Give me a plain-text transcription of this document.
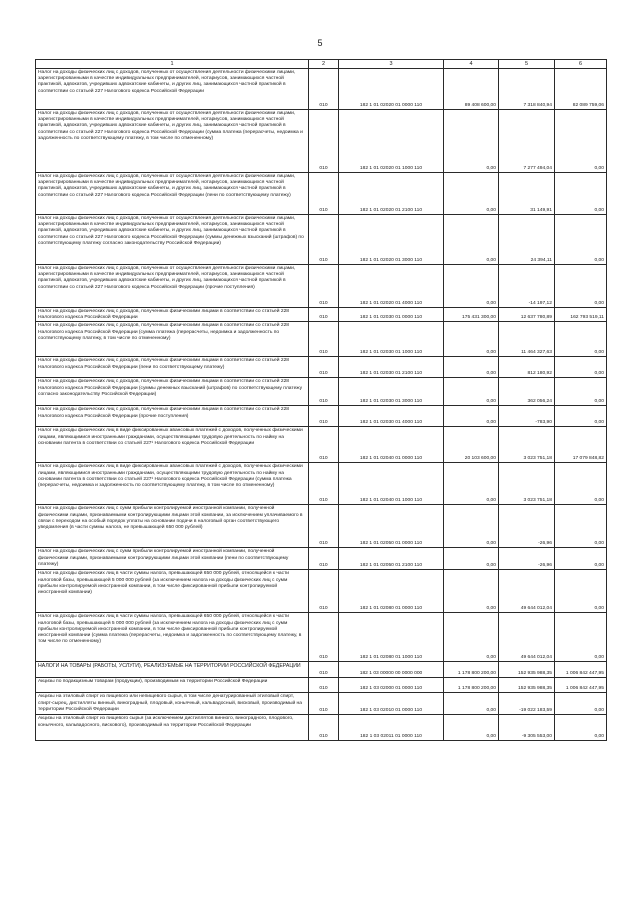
5
1	2	3	4	5	6
Налог на доходы физических лиц с доходов, полученных от осуществления деятельности физическими лицами, зарегистрированными в качестве индивидуальных предпринимателей, нотариусов, занимающихся частной практикой, адвокатов, учредивших адвокатские кабинеты, и других лиц, занимающихся частной практикой в соответствии со статьей 227 Налогового кодекса Российской Федерации	010	182 1 01 02020 01 0000 110	89 408 600,00	7 318 840,94	82 089 759,06
Налог на доходы физических лиц с доходов, полученных от осуществления деятельности физическими лицами, зарегистрированными в качестве индивидуальных предпринимателей, нотариусов, занимающихся частной практикой, адвокатов, учредивших адвокатские кабинеты, и других лиц, занимающихся частной практикой в соответствии со статьей 227 Налогового кодекса Российской Федерации (сумма платежа (перерасчеты, недоимка и задолженность по соответствующему платежу, в том числе по отмененному)	010	182 1 01 02020 01 1000 110	0,00	7 277 494,04	0,00
Налог на доходы физических лиц с доходов, полученных от осуществления деятельности физическими лицами, зарегистрированными в качестве индивидуальных предпринимателей, нотариусов, занимающихся частной практикой, адвокатов, учредивших адвокатские кабинеты, и других лиц, занимающихся частной практикой в соответствии со статьей 227 Налогового кодекса Российской Федерации (пени по соответствующему платежу)	010	182 1 01 02020 01 2100 110	0,00	31 149,91	0,00
Налог на доходы физических лиц с доходов, полученных от осуществления деятельности физическими лицами, зарегистрированными в качестве индивидуальных предпринимателей, нотариусов, занимающихся частной практикой, адвокатов, учредивших адвокатские кабинеты, и других лиц, занимающихся частной практикой в соответствии со статьей 227 Налогового кодекса Российской Федерации (суммы денежных взысканий (штрафов) по соответствующему платежу согласно законодательству Российской Федерации)	010	182 1 01 02020 01 3000 110	0,00	24 394,11	0,00
Налог на доходы физических лиц с доходов, полученных от осуществления деятельности физическими лицами, зарегистрированными в качестве индивидуальных предпринимателей, нотариусов, занимающихся частной практикой, адвокатов, учредивших адвокатские кабинеты, и других лиц, занимающихся частной практикой в соответствии со статьей 227 Налогового кодекса Российской Федерации (прочие поступления)	010	182 1 01 02020 01 4000 110	0,00	-14 197,12	0,00
Налог на доходы физических лиц с доходов, полученных физическими лицами в соответствии со статьей 228 Налогового кодекса Российской Федерации	010	182 1 01 02030 01 0000 110	175 431 300,00	12 637 780,89	162 793 519,11
Налог на доходы физических лиц с доходов, полученных физическими лицами в соответствии со статьей 228 Налогового кодекса Российской Федерации (сумма платежа (перерасчеты, недоимка и задолженность по соответствующему платежу, в том числе по отмененному)	010	182 1 01 02030 01 1000 110	0,00	11 464 327,63	0,00
Налог на доходы физических лиц с доходов, полученных физическими лицами в соответствии со статьей 228 Налогового кодекса Российской Федерации (пени по соответствующему платежу)	010	182 1 01 02030 01 2100 110	0,00	812 180,92	0,00
Налог на доходы физических лиц с доходов, полученных физическими лицами в соответствии со статьей 228 Налогового кодекса Российской Федерации (суммы денежных взысканий (штрафов) по соответствующему платежу согласно законодательству Российской Федерации)	010	182 1 01 02030 01 3000 110	0,00	362 056,24	0,00
Налог на доходы физических лиц с доходов, полученных физическими лицами в соответствии со статьей 228 Налогового кодекса Российской Федерации (прочие поступления)	010	182 1 01 02030 01 4000 110	0,00	-783,90	0,00
Налог на доходы физических лиц в виде фиксированных авансовых платежей с доходов, полученных физическими лицами, являющимися иностранными гражданами, осуществляющими трудовую деятельность по найму на основании патента в соответствии со статьей 227¹ Налогового кодекса Российской Федерации	010	182 1 01 02040 01 0000 110	20 103 600,00	3 023 751,18	17 079 848,82
Налог на доходы физических лиц в виде фиксированных авансовых платежей с доходов, полученных физическими лицами, являющимися иностранными гражданами, осуществляющими трудовую деятельность по найму на основании патента в соответствии со статьей 227¹ Налогового кодекса Российской Федерации (сумма платежа (перерасчеты, недоимка и задолженность по соответствующему платежу, в том числе по отмененному)	010	182 1 01 02040 01 1000 110	0,00	3 023 751,18	0,00
Налог на доходы физических лиц с сумм прибыли контролируемой иностранной компании, полученной физическими лицами, признаваемыми контролирующими лицами этой компании, за исключением уплачиваемого в связи с переходом на особый порядок уплаты на основании подачи в налоговый орган соответствующего уведомления (в части суммы налога, не превышающей 650 000 рублей)	010	182 1 01 02050 01 0000 110	0,00	-26,96	0,00
Налог на доходы физических лиц с сумм прибыли контролируемой иностранной компании, полученной физическими лицами, признаваемыми контролирующими лицами этой компании (пени по соответствующему платежу)	010	182 1 01 02050 01 2100 110	0,00	-26,96	0,00
Налог на доходы физических лиц в части суммы налога, превышающей 650 000 рублей, относящейся к части налоговой базы, превышающей 5 000 000 рублей (за исключением налога на доходы физических лиц с сумм прибыли контролируемой иностранной компании, в том числе фиксированной прибыли контролируемой иностранной компании)	010	182 1 01 02080 01 0000 110	0,00	49 644 012,04	0,00
Налог на доходы физических лиц в части суммы налога, превышающей 650 000 рублей, относящейся к части налоговой базы, превышающей 5 000 000 рублей (за исключением налога на доходы физических лиц с сумм прибыли контролируемой иностранной компании, в том числе фиксированной прибыли контролируемой иностранной компании (сумма платежа (перерасчеты, недоимка и задолженность по соответствующему платежу, в том числе по отмененному)	010	182 1 01 02080 01 1000 110	0,00	49 644 012,04	0,00
НАЛОГИ НА ТОВАРЫ (РАБОТЫ, УСЛУГИ), РЕАЛИЗУЕМЫЕ НА ТЕРРИТОРИИ РОССИЙСКОЙ ФЕДЕРАЦИИ	010	182 1 03 00000 00 0000 000	1 178 800 200,00	152 935 988,35	1 006 842 447,95
Акцизы по подакцизным товарам (продукции), производимым на территории Российской Федерации	010	182 1 03 02000 01 0000 110	1 178 800 200,00	152 935 988,35	1 006 842 447,95
Акцизы на этиловый спирт из пищевого или непищевого сырья, в том числе денатурированный этиловый спирт, спирт-сырец, дистилляты винный, виноградный, плодовый, коньячный, кальвадосный, висковый, производимый на территории Российской Федерации	010	182 1 03 02010 01 0000 110	0,00	-19 022 183,59	0,00
Акцизы на этиловый спирт из пищевого сырья (за исключением дистиллятов винного, виноградного, плодового, коньячного, кальвадосного, вискового), производимый на территории Российской Федерации	010	182 1 03 02011 01 0000 110	0,00	-9 305 553,00	0,00
